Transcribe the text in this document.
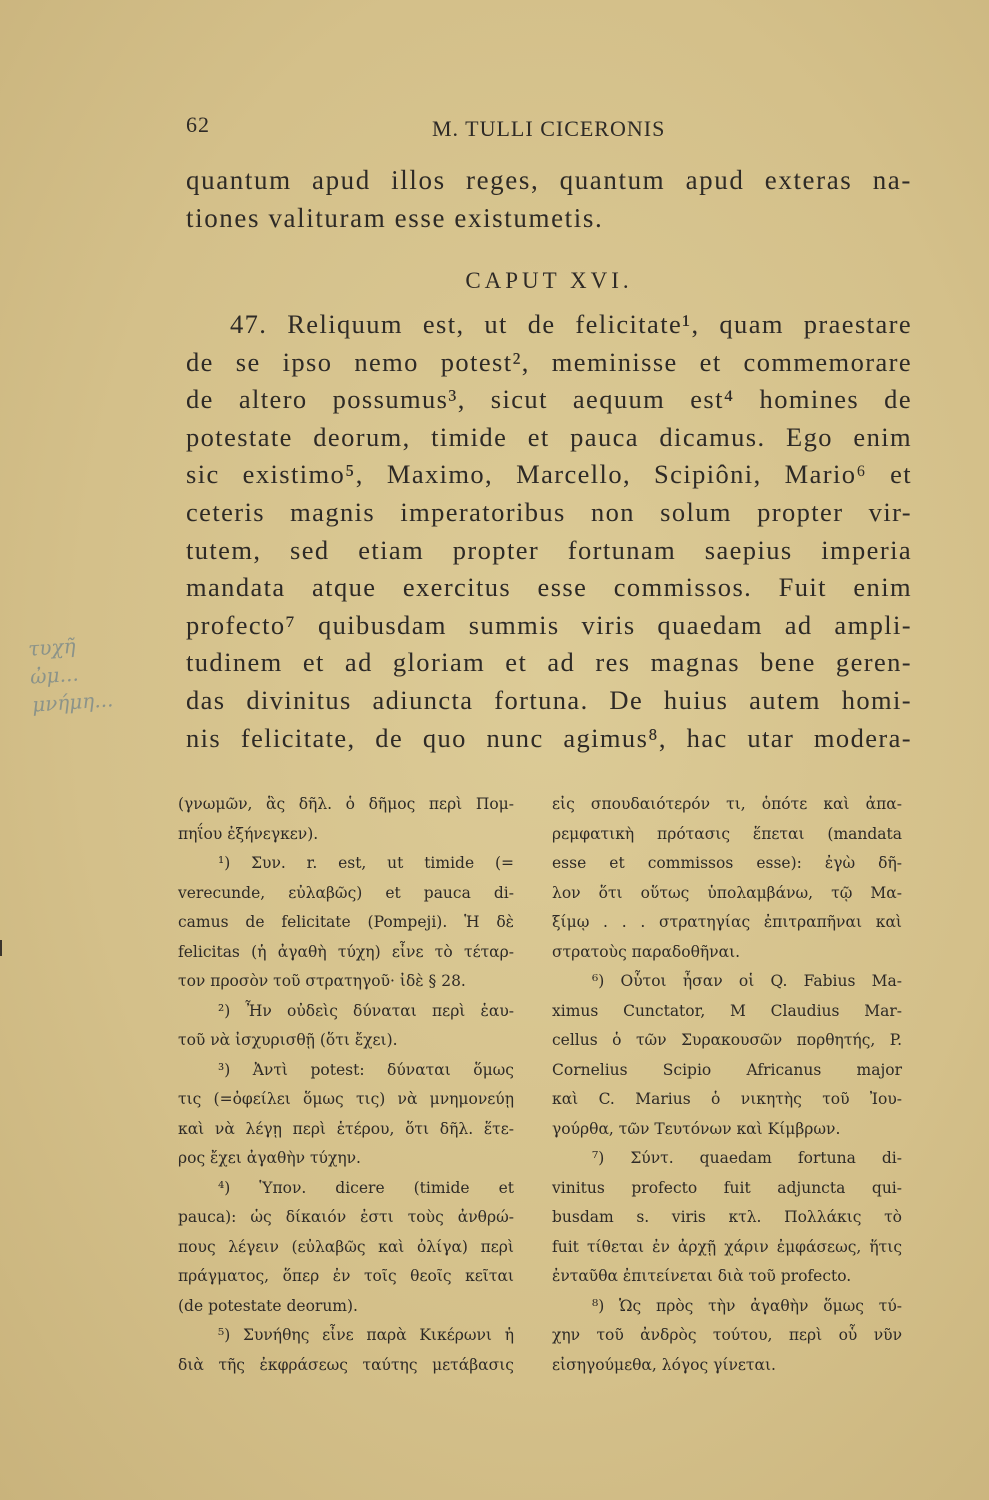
62	M. TULLI CICERONIS
quantum apud illos reges, quantum apud exteras na-
tiones valituram esse existumetis.
CAPUT XVI.
47. Reliquum est, ut de felicitate¹, quam praestare
de se ipso nemo potest², meminisse et commemorare
de altero possumus³, sicut aequum est⁴ homines de
potestate deorum, timide et pauca dicamus. Ego enim
sic existimo⁵, Maximo, Marcello, Scipiôni, Mario⁶ et
ceteris magnis imperatoribus non solum propter vir-
tutem, sed etiam propter fortunam saepius imperia
mandata atque exercitus esse commissos. Fuit enim
profecto⁷ quibusdam summis viris quaedam ad ampli-
tudinem et ad gloriam et ad res magnas bene geren-
das divinitus adiuncta fortuna. De huius autem homi-
nis felicitate, de quo nunc agimus⁸, hac utar modera-
(γνωμῶν, ἃς δῆλ. ὁ δῆμος περὶ Πομ-
πηΐου ἐξήνεγκεν).
¹) Συν. r. est, ut timide (=
verecunde, εὐλαβῶς) et pauca di-
camus de felicitate (Pompeji). Ἡ δὲ
felicitas (ἡ ἀγαθὴ τύχη) εἶνε τὸ τέταρ-
τον προσὸν τοῦ στρατηγοῦ· ἰδὲ § 28.
²) Ἦν οὐδεὶς δύναται περὶ ἑαυ-
τοῦ νὰ ἰσχυρισθῇ (ὅτι ἔχει).
³) Ἀντὶ potest: δύναται ὅμως
τις (=ὀφείλει ὅμως τις) νὰ μνημονεύῃ
καὶ νὰ λέγῃ περὶ ἑτέρου, ὅτι δῆλ. ἕτε-
ρος ἔχει ἀγαθὴν τύχην.
⁴) Ὑπον. dicere (timide et
pauca): ὡς δίκαιόν ἐστι τοὺς ἀνθρώ-
πους λέγειν (εὐλαβῶς καὶ ὀλίγα) περὶ
πράγματος, ὅπερ ἐν τοῖς θεοῖς κεῖται
(de potestate deorum).
⁵) Συνήθης εἶνε παρὰ Κικέρωνι ἡ
διὰ τῆς ἐκφράσεως ταύτης μετάβασις
εἰς σπουδαιότερόν τι, ὁπότε καὶ ἀπα-
ρεμφατικὴ πρότασις ἕπεται (mandata
esse et commissos esse): ἐγὼ δῆ-
λον ὅτι οὕτως ὑπολαμβάνω, τῷ Μα-
ξίμῳ . . . στρατηγίας ἐπιτραπῆναι καὶ
στρατοὺς παραδοθῆναι.
⁶) Οὗτοι ἦσαν οἱ Q. Fabius Ma-
ximus Cunctator, M Claudius Mar-
cellus ὁ τῶν Συρακουσῶν πορθητής, P.
Cornelius Scipio Africanus major
καὶ C. Marius ὁ νικητὴς τοῦ Ἰου-
γούρθα, τῶν Τευτόνων καὶ Κίμβρων.
⁷) Σύντ. quaedam fortuna di-
vinitus profecto fuit adjuncta qui-
busdam s. viris κτλ. Πολλάκις τὸ
fuit τίθεται ἐν ἀρχῇ χάριν ἐμφάσεως, ἥτις
ἐνταῦθα ἐπιτείνεται διὰ τοῦ profecto.
⁸) Ὡς πρὸς τὴν ἀγαθὴν ὅμως τύ-
χην τοῦ ἀνδρὸς τούτου, περὶ οὗ νῦν
εἰσηγούμεθα, λόγος γίνεται.
τυχῆ
ὠμ...
μνήμη...
